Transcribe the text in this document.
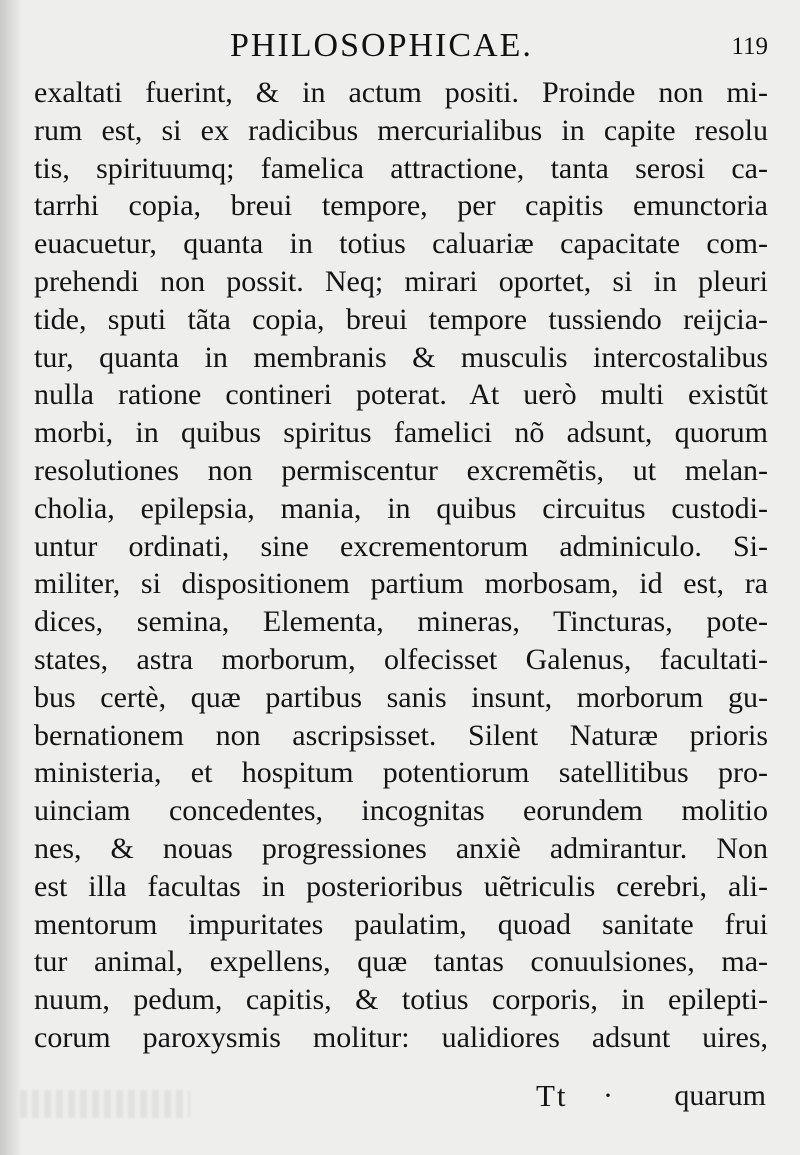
PHILOSOPHICAE.	119
exaltati fuerint, & in actum positi. Proinde non mi-
rum est, si ex radicibus mercurialibus in capite resolu
tis, spirituumq; famelica attractione, tanta serosi ca-
tarrhi copia, breui tempore, per capitis emunctoria
euacuetur, quanta in totius caluariæ capacitate com-
prehendi non possit. Neq; mirari oportet, si in pleuri
tide, sputi tãta copia, breui tempore tussiendo reijcia-
tur, quanta in membranis & musculis intercostalibus
nulla ratione contineri poterat. At uerò multi existũt
morbi, in quibus spiritus famelici nõ adsunt, quorum
resolutiones non permiscentur excremẽtis, ut melan-
cholia, epilepsia, mania, in quibus circuitus custodi-
untur ordinati, sine excrementorum adminiculo. Si-
militer, si dispositionem partium morbosam, id est, ra
dices, semina, Elementa, mineras, Tincturas, pote-
states, astra morborum, olfecisset Galenus, facultati-
bus certè, quæ partibus sanis insunt, morborum gu-
bernationem non ascripsisset. Silent Naturæ prioris
ministeria, et hospitum potentiorum satellitibus pro-
uinciam concedentes, incognitas eorundem molitio
nes, & nouas progressiones anxiè admirantur. Non
est illa facultas in posterioribus uẽtriculis cerebri, ali-
mentorum impuritates paulatim, quoad sanitate frui
tur animal, expellens, quæ tantas conuulsiones, ma-
nuum, pedum, capitis, & totius corporis, in epilepti-
corum paroxysmis molitur: ualidiores adsunt uires,
Tt · quarum
